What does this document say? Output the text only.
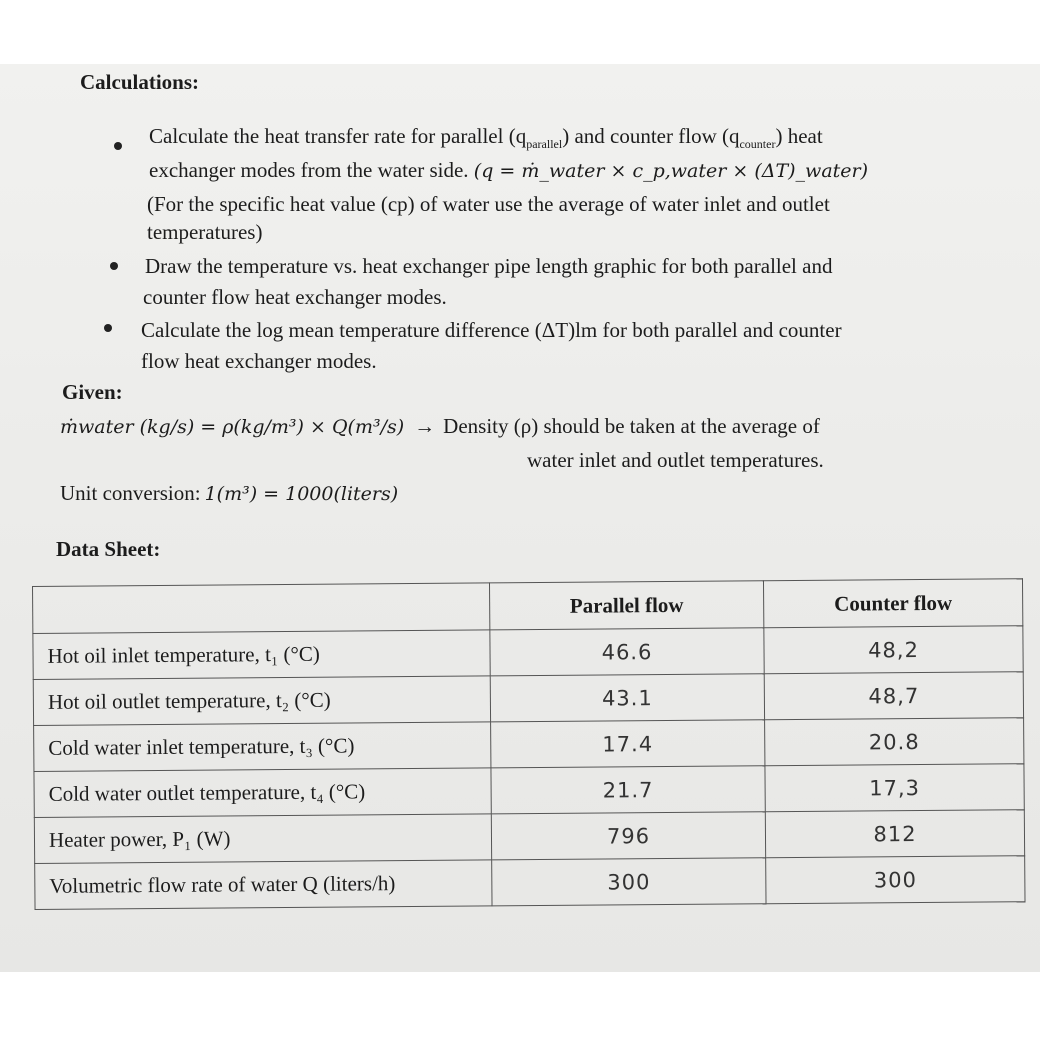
Calculations:
Calculate the heat transfer rate for parallel $(q_{parallel})$ and counter flow $(q_{counter})$ heat
exchanger modes from the water side. (q = ṁ_water × c_p,water × (ΔT)_water)
(For the specific heat value (cp) of water use the average of water inlet and outlet
temperatures)
Draw the temperature vs. heat exchanger pipe length graphic for both parallel and
counter flow heat exchanger modes.
Calculate the log mean temperature difference (ΔT)lm for both parallel and counter
flow heat exchanger modes.
Given:
ṁwater (kg/s) = ρ(kg/m³) × Q(m³/s) → Density (ρ) should be taken at the average of
water inlet and outlet temperatures.
Unit conversion: 1(m³) = 1000(liters)
Data Sheet:
	Parallel flow	Counter flow
Hot oil inlet temperature, t₁ (°C)	46.6	48,2
Hot oil outlet temperature, t₂ (°C)	43.1	48,7
Cold water inlet temperature, t₃ (°C)	17.4	20.8
Cold water outlet temperature, t₄ (°C)	21.7	17,3
Heater power, P₁ (W)	796	812
Volumetric flow rate of water Q (liters/h)	300	300
